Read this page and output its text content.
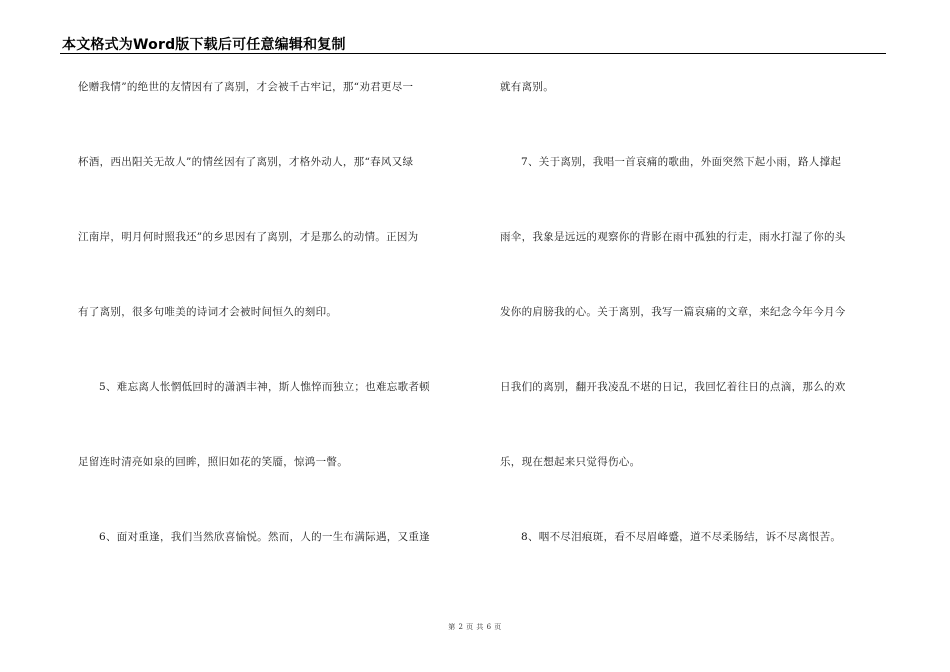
本文格式为Word版下载后可任意编辑和复制
伦赠我情”的绝世的友情因有了离别，才会被千古牢记，那“劝君更尽一
杯酒，西出阳关无故人”的情丝因有了离别，才格外动人，那“春风又绿
江南岸，明月何时照我还”的乡思因有了离别，才是那么的动情。正因为
有了离别，很多句唯美的诗词才会被时间恒久的刻印。
5、难忘离人怅惘低回时的潇洒丰神，斯人憔悴而独立；也难忘歌者顿
足留连时清亮如泉的回眸，照旧如花的笑靥，惊鸿一瞥。
6、面对重逢，我们当然欣喜愉悦。然而，人的一生布满际遇，又重逢
就有离别。
7、关于离别，我唱一首哀痛的歌曲，外面突然下起小雨，路人撑起
雨伞，我象是远远的观察你的背影在雨中孤独的行走，雨水打湿了你的头
发你的肩膀我的心。关于离别，我写一篇哀痛的文章，来纪念今年今月今
日我们的离别，翻开我凌乱不堪的日记，我回忆着往日的点滴，那么的欢
乐，现在想起来只觉得伤心。
8、咽不尽泪痕斑，看不尽眉峰蹙，道不尽柔肠结，诉不尽离恨苦。
第 2 页 共 6 页
